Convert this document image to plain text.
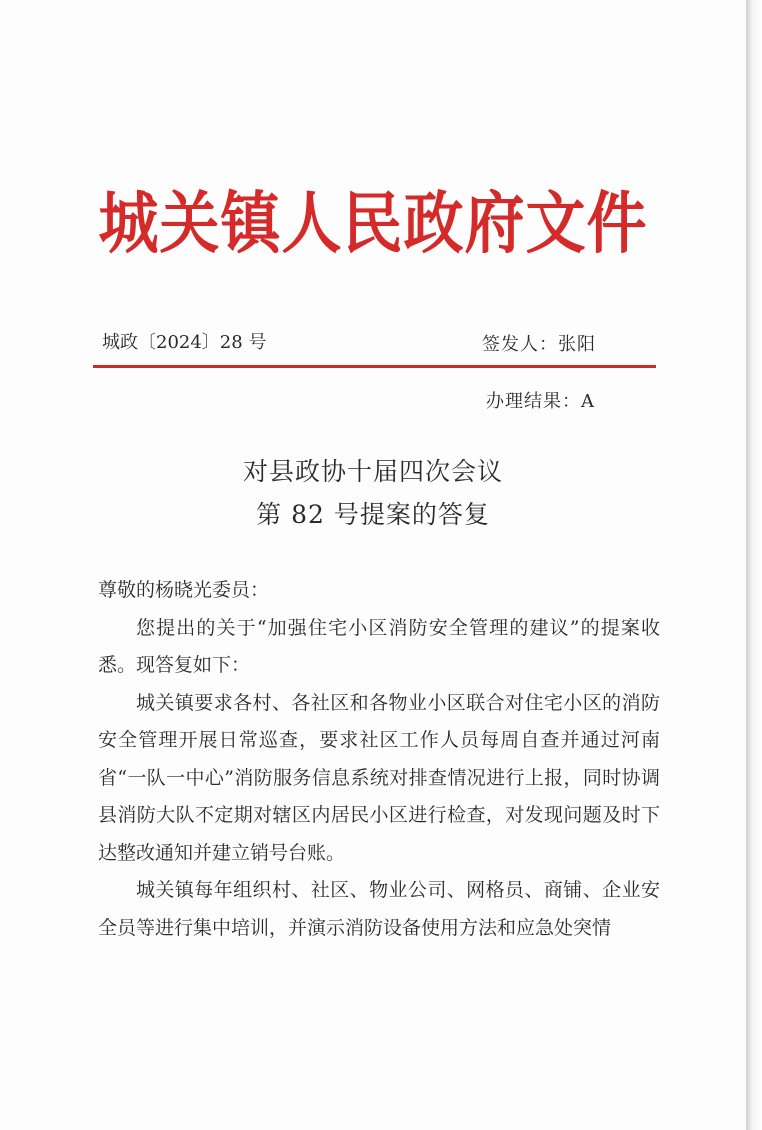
城关镇人民政府文件
城政〔2024〕28 号	签发人：张阳
办理结果：A
对县政协十届四次会议
第 82 号提案的答复

尊敬的杨晓光委员：

您提出的关于“加强住宅小区消防安全管理的建议”的提案收悉。现答复如下：

城关镇要求各村、各社区和各物业小区联合对住宅小区的消防安全管理开展日常巡查，要求社区工作人员每周自查并通过河南省“一队一中心”消防服务信息系统对排查情况进行上报，同时协调县消防大队不定期对辖区内居民小区进行检查，对发现问题及时下达整改通知并建立销号台账。

城关镇每年组织村、社区、物业公司、网格员、商铺、企业安全员等进行集中培训，并演示消防设备使用方法和应急处突情
